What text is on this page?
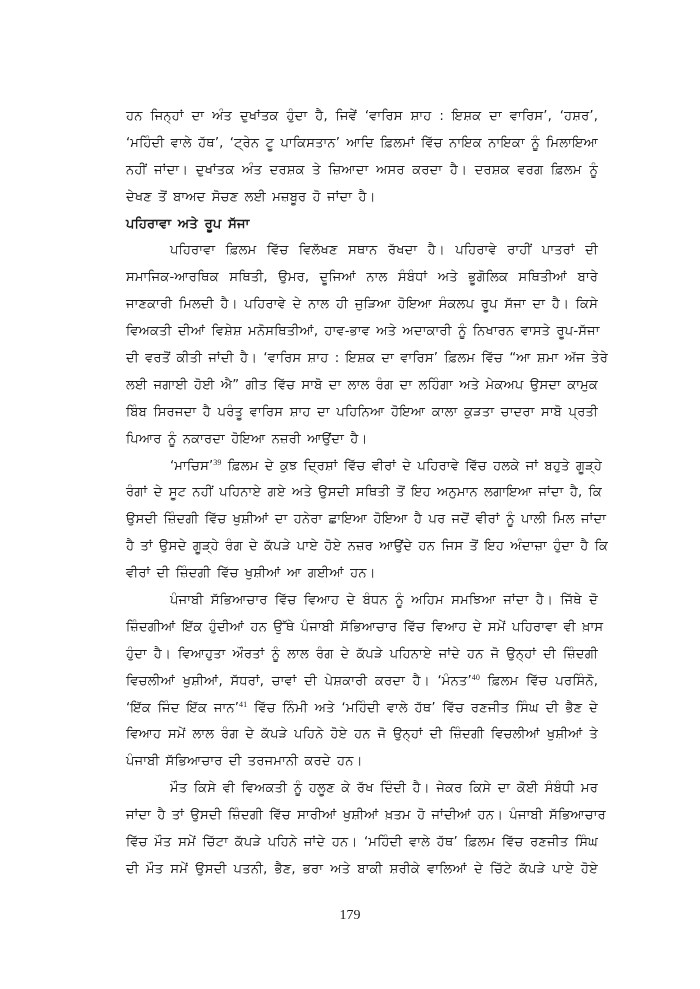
ਹਨ ਜਿਨ੍ਹਾਂ ਦਾ ਅੰਤ ਦੁਖਾਂਤਕ ਹੁੰਦਾ ਹੈ, ਜਿਵੇਂ ‘ਵਾਰਿਸ ਸ਼ਾਹ : ਇਸ਼ਕ ਦਾ ਵਾਰਿਸ’, ‘ਹਸ਼ਰ’,
‘ਮਹਿੰਦੀ ਵਾਲੇ ਹੱਥ’, ‘ਟ੍ਰੇਨ ਟੂ ਪਾਕਿਸਤਾਨ’ ਆਦਿ ਫ਼ਿਲਮਾਂ ਵਿੱਚ ਨਾਇਕ ਨਾਇਕਾ ਨੂੰ ਮਿਲਾਇਆ
ਨਹੀਂ ਜਾਂਦਾ। ਦੁਖਾਂਤਕ ਅੰਤ ਦਰਸ਼ਕ ਤੇ ਜ਼ਿਆਦਾ ਅਸਰ ਕਰਦਾ ਹੈ। ਦਰਸ਼ਕ ਵਰਗ ਫ਼ਿਲਮ ਨੂੰ
ਦੇਖਣ ਤੋਂ ਬਾਅਦ ਸੋਚਣ ਲਈ ਮਜ਼ਬੂਰ ਹੋ ਜਾਂਦਾ ਹੈ।
ਪਹਿਰਾਵਾ ਅਤੇ ਰੂਪ ਸੱਜਾ
ਪਹਿਰਾਵਾ ਫ਼ਿਲਮ ਵਿੱਚ ਵਿਲੱਖਣ ਸਥਾਨ ਰੱਖਦਾ ਹੈ। ਪਹਿਰਾਵੇ ਰਾਹੀਂ ਪਾਤਰਾਂ ਦੀ
ਸਮਾਜਿਕ-ਆਰਥਿਕ ਸਥਿਤੀ, ਉਮਰ, ਦੂਜਿਆਂ ਨਾਲ ਸੰਬੰਧਾਂ ਅਤੇ ਭੂਗੋਲਿਕ ਸਥਿਤੀਆਂ ਬਾਰੇ
ਜਾਣਕਾਰੀ ਮਿਲਦੀ ਹੈ। ਪਹਿਰਾਵੇ ਦੇ ਨਾਲ ਹੀ ਜੁੜਿਆ ਹੋਇਆ ਸੰਕਲਪ ਰੂਪ ਸੱਜਾ ਦਾ ਹੈ। ਕਿਸੇ
ਵਿਅਕਤੀ ਦੀਆਂ ਵਿਸ਼ੇਸ਼ ਮਨੋਸਥਿਤੀਆਂ, ਹਾਵ-ਭਾਵ ਅਤੇ ਅਦਾਕਾਰੀ ਨੂੰ ਨਿਖਾਰਨ ਵਾਸਤੇ ਰੂਪ-ਸੱਜਾ
ਦੀ ਵਰਤੋਂ ਕੀਤੀ ਜਾਂਦੀ ਹੈ। ‘ਵਾਰਿਸ ਸ਼ਾਹ : ਇਸ਼ਕ ਦਾ ਵਾਰਿਸ’ ਫ਼ਿਲਮ ਵਿੱਚ “ਆ ਸ਼ਮਾ ਅੱਜ ਤੇਰੇ
ਲਈ ਜਗਾਈ ਹੋਈ ਐ” ਗੀਤ ਵਿੱਚ ਸਾਬੋ ਦਾ ਲਾਲ ਰੰਗ ਦਾ ਲਹਿੰਗਾ ਅਤੇ ਮੇਕਅਪ ਉਸਦਾ ਕਾਮੁਕ
ਬਿੰਬ ਸਿਰਜਦਾ ਹੈ ਪਰੰਤੂ ਵਾਰਿਸ ਸ਼ਾਹ ਦਾ ਪਹਿਨਿਆ ਹੋਇਆ ਕਾਲਾ ਕੁੜਤਾ ਚਾਦਰਾ ਸਾਬੋ ਪ੍ਰਤੀ
ਪਿਆਰ ਨੂੰ ਨਕਾਰਦਾ ਹੋਇਆ ਨਜ਼ਰੀ ਆਉਂਦਾ ਹੈ।
‘ਮਾਚਿਸ’$^{39}$ ਫ਼ਿਲਮ ਦੇ ਕੁਝ ਦ੍ਰਿਸ਼ਾਂ ਵਿੱਚ ਵੀਰਾਂ ਦੇ ਪਹਿਰਾਵੇ ਵਿੱਚ ਹਲਕੇ ਜਾਂ ਬਹੁਤੇ ਗੂੜ੍ਹੇ
ਰੰਗਾਂ ਦੇ ਸੂਟ ਨਹੀਂ ਪਹਿਨਾਏ ਗਏ ਅਤੇ ਉਸਦੀ ਸਥਿਤੀ ਤੋਂ ਇਹ ਅਨੁਮਾਨ ਲਗਾਇਆ ਜਾਂਦਾ ਹੈ, ਕਿ
ਉਸਦੀ ਜ਼ਿੰਦਗੀ ਵਿੱਚ ਖੁਸ਼ੀਆਂ ਦਾ ਹਨੇਰਾ ਛਾਇਆ ਹੋਇਆ ਹੈ ਪਰ ਜਦੋਂ ਵੀਰਾਂ ਨੂੰ ਪਾਲੀ ਮਿਲ ਜਾਂਦਾ
ਹੈ ਤਾਂ ਉਸਦੇ ਗੂੜ੍ਹੇ ਰੰਗ ਦੇ ਕੱਪੜੇ ਪਾਏ ਹੋਏ ਨਜ਼ਰ ਆਉਂਦੇ ਹਨ ਜਿਸ ਤੋਂ ਇਹ ਅੰਦਾਜ਼ਾ ਹੁੰਦਾ ਹੈ ਕਿ
ਵੀਰਾਂ ਦੀ ਜ਼ਿੰਦਗੀ ਵਿੱਚ ਖੁਸ਼ੀਆਂ ਆ ਗਈਆਂ ਹਨ।
ਪੰਜਾਬੀ ਸੱਭਿਆਚਾਰ ਵਿੱਚ ਵਿਆਹ ਦੇ ਬੰਧਨ ਨੂੰ ਅਹਿਮ ਸਮਝਿਆ ਜਾਂਦਾ ਹੈ। ਜਿੱਥੇ ਦੋ
ਜ਼ਿੰਦਗੀਆਂ ਇੱਕ ਹੁੰਦੀਆਂ ਹਨ ਉੱਥੇ ਪੰਜਾਬੀ ਸੱਭਿਆਚਾਰ ਵਿੱਚ ਵਿਆਹ ਦੇ ਸਮੇਂ ਪਹਿਰਾਵਾ ਵੀ ਖ਼ਾਸ
ਹੁੰਦਾ ਹੈ। ਵਿਆਹੁਤਾ ਔਰਤਾਂ ਨੂੰ ਲਾਲ ਰੰਗ ਦੇ ਕੱਪੜੇ ਪਹਿਨਾਏ ਜਾਂਦੇ ਹਨ ਜੋ ਉਨ੍ਹਾਂ ਦੀ ਜ਼ਿੰਦਗੀ
ਵਿਚਲੀਆਂ ਖੁਸ਼ੀਆਂ, ਸੱਧਰਾਂ, ਚਾਵਾਂ ਦੀ ਪੇਸ਼ਕਾਰੀ ਕਰਦਾ ਹੈ। ‘ਮੰਨਤ’$^{40}$ ਫ਼ਿਲਮ ਵਿੱਚ ਪਰਸਿੰਨੋ,
‘ਇੱਕ ਜਿੰਦ ਇੱਕ ਜਾਨ’$^{41}$ ਵਿੱਚ ਨਿੰਮੀ ਅਤੇ ‘ਮਹਿੰਦੀ ਵਾਲੇ ਹੱਥ’ ਵਿੱਚ ਰਣਜੀਤ ਸਿੰਘ ਦੀ ਭੈਣ ਦੇ
ਵਿਆਹ ਸਮੇਂ ਲਾਲ ਰੰਗ ਦੇ ਕੱਪੜੇ ਪਹਿਨੇ ਹੋਏ ਹਨ ਜੋ ਉਨ੍ਹਾਂ ਦੀ ਜ਼ਿੰਦਗੀ ਵਿਚਲੀਆਂ ਖੁਸ਼ੀਆਂ ਤੇ
ਪੰਜਾਬੀ ਸੱਭਿਆਚਾਰ ਦੀ ਤਰਜਮਾਨੀ ਕਰਦੇ ਹਨ।
ਮੌਤ ਕਿਸੇ ਵੀ ਵਿਅਕਤੀ ਨੂੰ ਹਲੂਣ ਕੇ ਰੱਖ ਦਿੰਦੀ ਹੈ। ਜੇਕਰ ਕਿਸੇ ਦਾ ਕੋਈ ਸੰਬੰਧੀ ਮਰ
ਜਾਂਦਾ ਹੈ ਤਾਂ ਉਸਦੀ ਜ਼ਿੰਦਗੀ ਵਿੱਚ ਸਾਰੀਆਂ ਖੁਸ਼ੀਆਂ ਖ਼ਤਮ ਹੋ ਜਾਂਦੀਆਂ ਹਨ। ਪੰਜਾਬੀ ਸੱਭਿਆਚਾਰ
ਵਿੱਚ ਮੌਤ ਸਮੇਂ ਚਿੱਟਾ ਕੱਪੜੇ ਪਹਿਨੇ ਜਾਂਦੇ ਹਨ। ‘ਮਹਿੰਦੀ ਵਾਲੇ ਹੱਥ’ ਫ਼ਿਲਮ ਵਿੱਚ ਰਣਜੀਤ ਸਿੰਘ
ਦੀ ਮੌਤ ਸਮੇਂ ਉਸਦੀ ਪਤਨੀ, ਭੈਣ, ਭਰਾ ਅਤੇ ਬਾਕੀ ਸ਼ਰੀਕੇ ਵਾਲਿਆਂ ਦੇ ਚਿੱਟੇ ਕੱਪੜੇ ਪਾਏ ਹੋਏ
179
